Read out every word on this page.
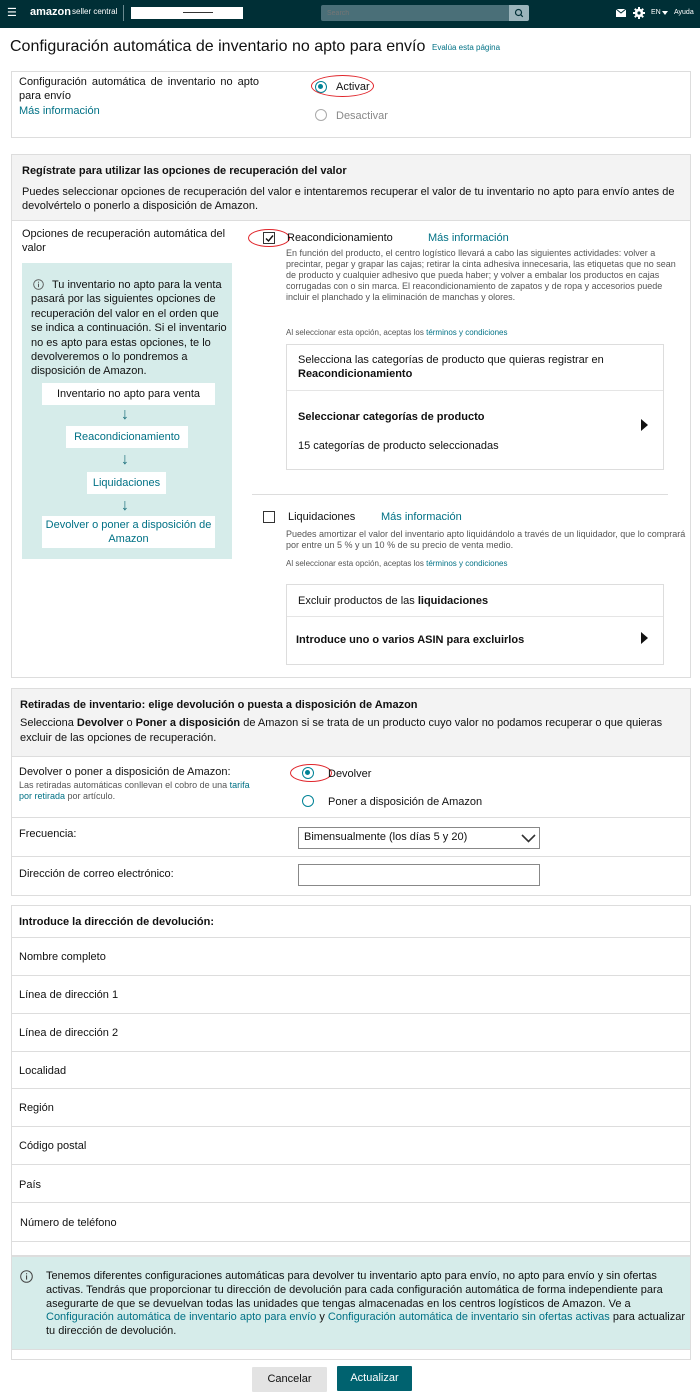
☰ amazon seller central
Search	EN Ayuda
Configuración automática de inventario no apto para envío Evalúa esta página
Configuración automática de inventario no apto para envío
Más información
Activar
Desactivar
Regístrate para utilizar las opciones de recuperación del valor
Puedes seleccionar opciones de recuperación del valor e intentaremos recuperar el valor de tu inventario no apto para envío antes de devolvértelo o ponerlo a disposición de Amazon.
Opciones de recuperación automática del valor
Tu inventario no apto para la venta pasará por las siguientes opciones de recuperación del valor en el orden que se indica a continuación. Si el inventario no es apto para estas opciones, te lo devolveremos o lo pondremos a disposición de Amazon.
Inventario no apto para venta
↓
Reacondicionamiento
↓
Liquidaciones
↓
Devolver o poner a disposición de Amazon
Reacondicionamiento	Más información
En función del producto, el centro logístico llevará a cabo las siguientes actividades: volver a precintar, pegar y grapar las cajas; retirar la cinta adhesiva innecesaria, las etiquetas que no sean de producto y cualquier adhesivo que pueda haber; y volver a embalar los productos en cajas corrugadas con o sin marca. El reacondicionamiento de zapatos y de ropa y accesorios puede incluir el planchado y la eliminación de manchas y olores.
Al seleccionar esta opción, aceptas los términos y condiciones
Selecciona las categorías de producto que quieras registrar en
Reacondicionamiento
Seleccionar categorías de producto
15 categorías de producto seleccionadas
Liquidaciones Más información
Puedes amortizar el valor del inventario apto liquidándolo a través de un liquidador, que lo comprará por entre un 5 % y un 10 % de su precio de venta medio.
Al seleccionar esta opción, aceptas los términos y condiciones
Excluir productos de las liquidaciones
Introduce uno o varios ASIN para excluirlos
Retiradas de inventario: elige devolución o puesta a disposición de Amazon
Selecciona Devolver o Poner a disposición de Amazon si se trata de un producto cuyo valor no podamos recuperar o que quieras excluir de las opciones de recuperación.
Devolver o poner a disposición de Amazon:
Las retiradas automáticas conllevan el cobro de una tarifa por retirada por artículo.
Devolver
Poner a disposición de Amazon
Frecuencia:	Bimensualmente (los días 5 y 20)
Dirección de correo electrónico:
Introduce la dirección de devolución:
Nombre completo
Línea de dirección 1
Línea de dirección 2
Localidad
Región
Código postal
País
Número de teléfono
Tenemos diferentes configuraciones automáticas para devolver tu inventario apto para envío, no apto para envío y sin ofertas activas. Tendrás que proporcionar tu dirección de devolución para cada configuración automática de forma independiente para asegurarte de que se devuelvan todas las unidades que tengas almacenadas en los centros logísticos de Amazon. Ve a Configuración automática de inventario apto para envío y Configuración automática de inventario sin ofertas activas para actualizar tu dirección de devolución.
Cancelar	Actualizar
